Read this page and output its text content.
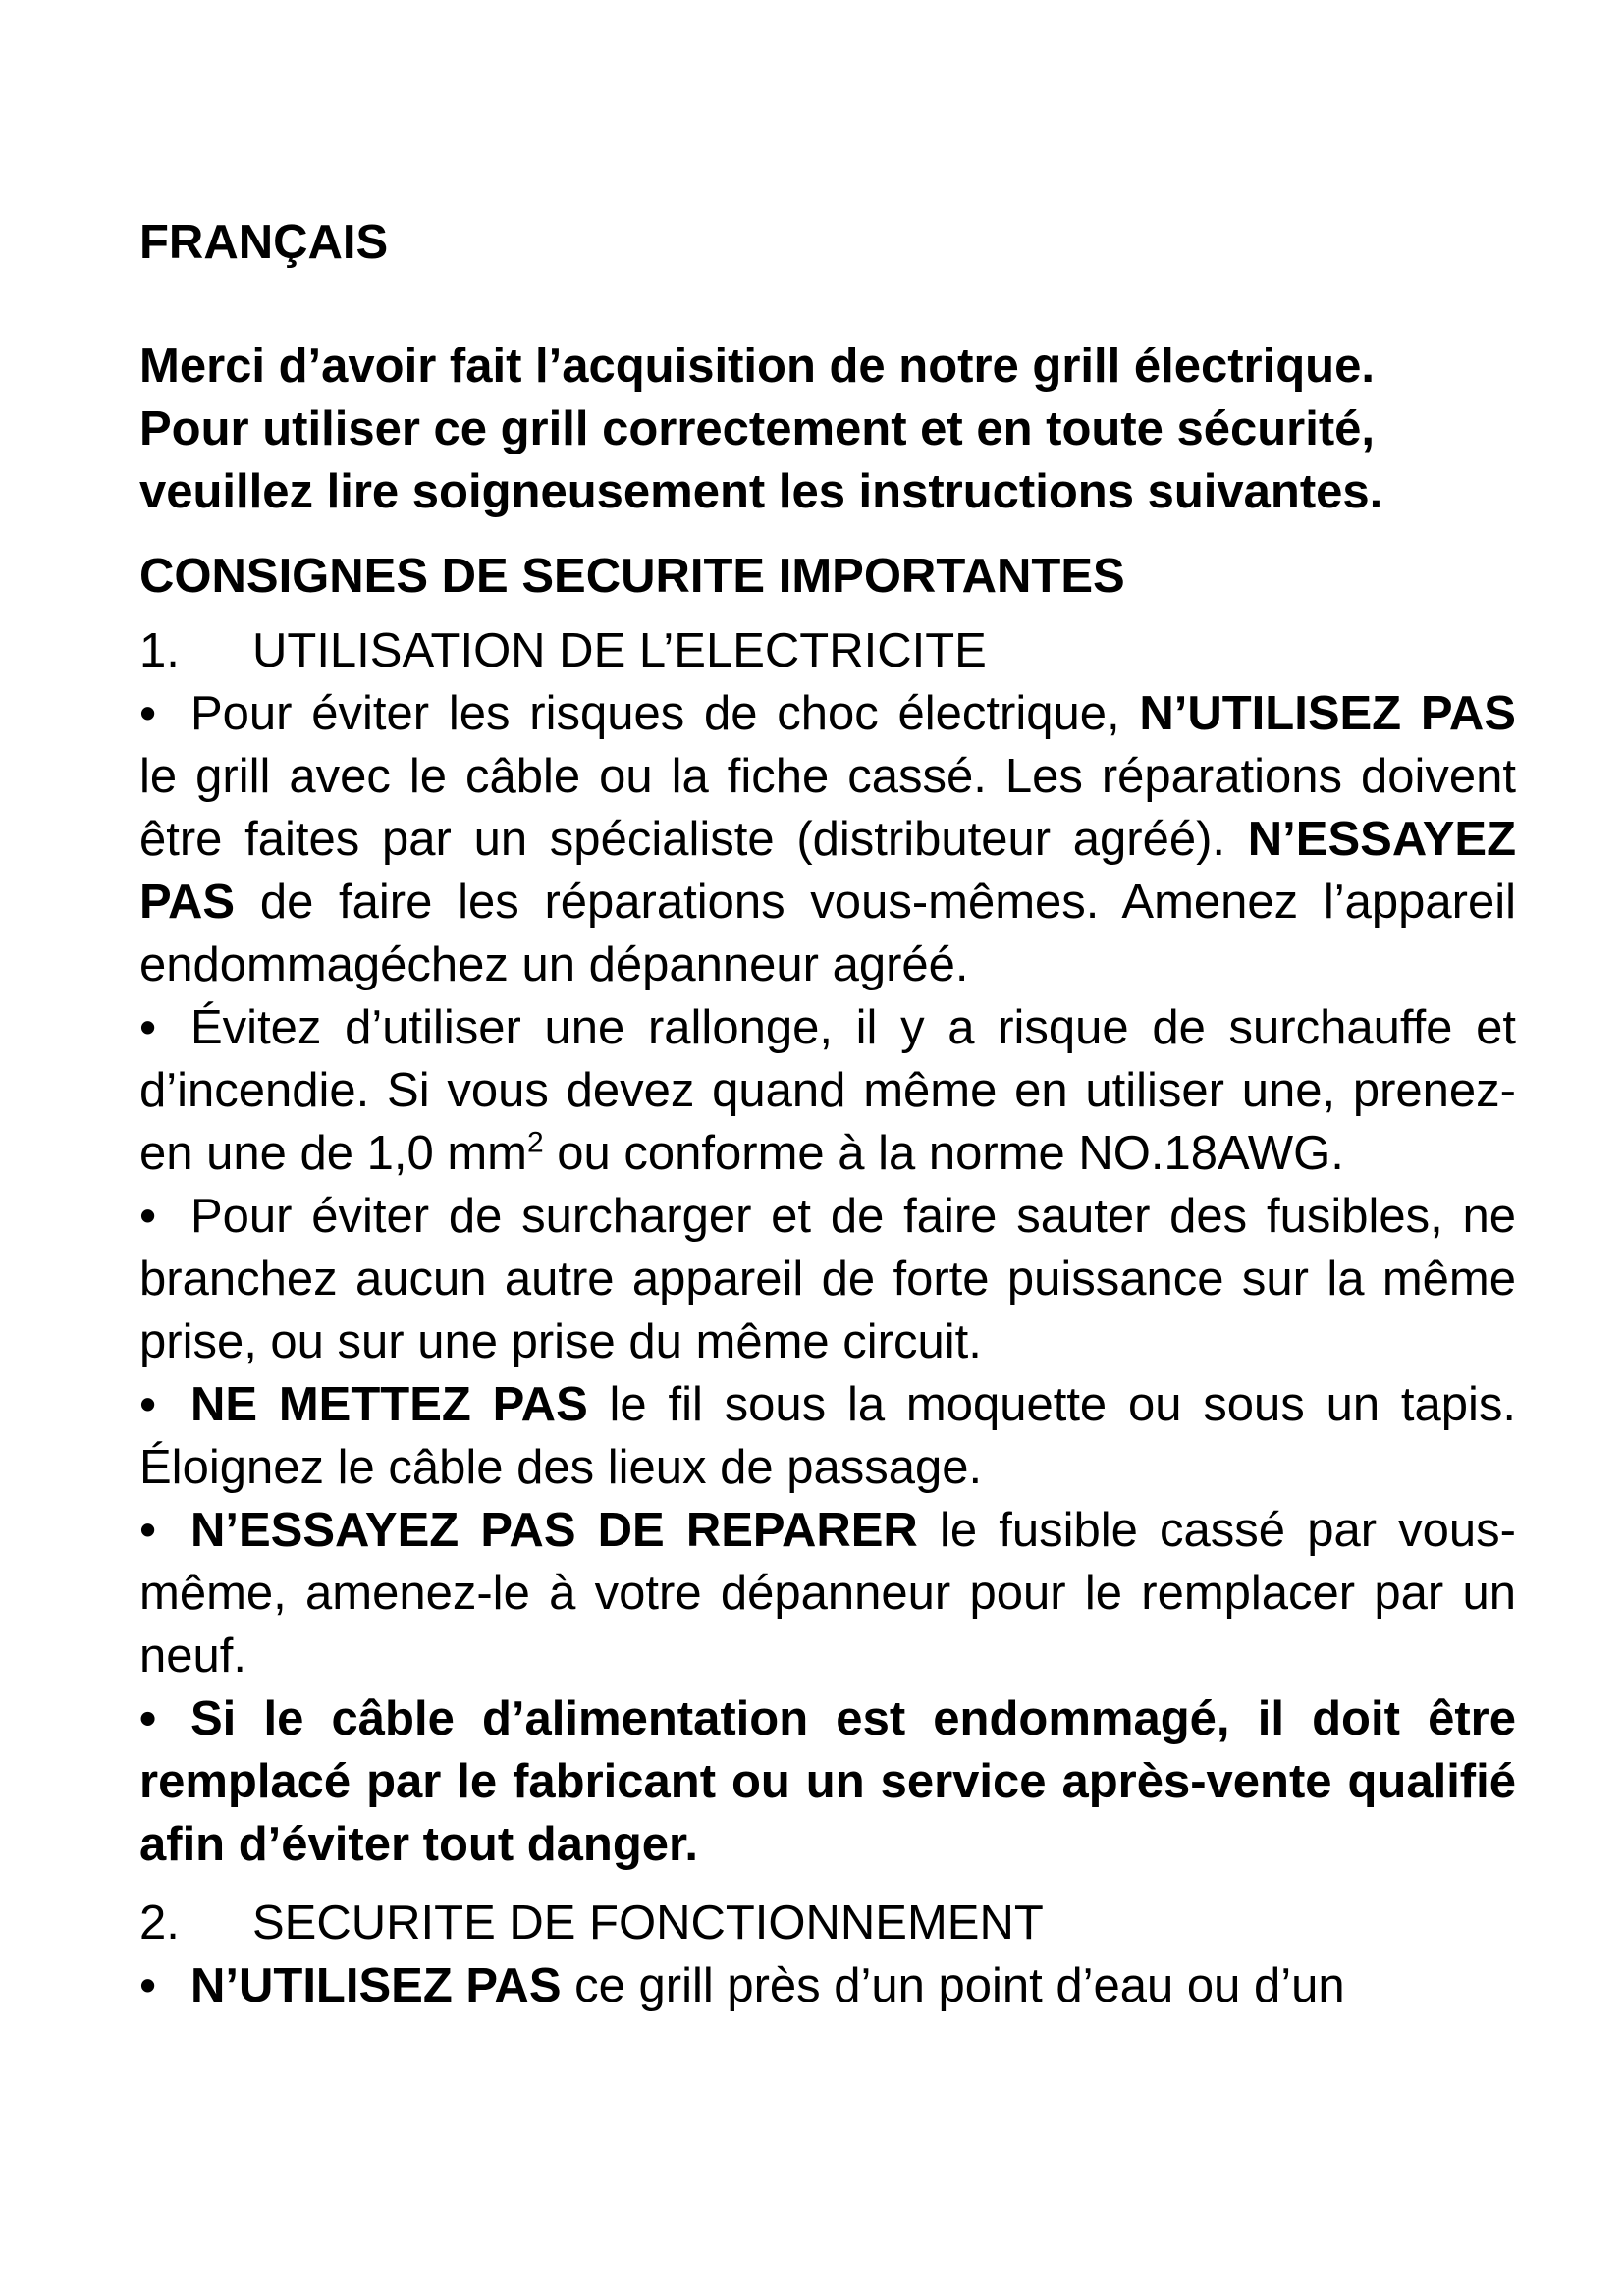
FRANÇAIS
Merci d’avoir fait l’acquisition de notre grill électrique.
Pour utiliser ce grill correctement et en toute sécurité,
veuillez lire soigneusement les instructions suivantes.
CONSIGNES DE SECURITE IMPORTANTES
1. UTILISATION DE L’ELECTRICITE

• Pour éviter les risques de choc électrique, N’UTILISEZ PAS le grill avec le câble ou la fiche cassé. Les réparations doivent être faites par un spécialiste (distributeur agréé). N’ESSAYEZ PAS de faire les réparations vous-mêmes. Amenez l’appareil endommagéchez un dépanneur agréé.

• Évitez d’utiliser une rallonge, il y a risque de surchauffe et d’incendie. Si vous devez quand même en utiliser une, prenez-en une de 1,0 $mm^2$ ou conforme à la norme NO.18AWG.

• Pour éviter de surcharger et de faire sauter des fusibles, ne branchez aucun autre appareil de forte puissance sur la même prise, ou sur une prise du même circuit.

• NE METTEZ PAS le fil sous la moquette ou sous un tapis. Éloignez le câble des lieux de passage.

• N’ESSAYEZ PAS DE REPARER le fusible cassé par vous-même, amenez-le à votre dépanneur pour le remplacer par un neuf.

• Si le câble d’alimentation est endommagé, il doit être remplacé par le fabricant ou un service après-vente qualifié afin d’éviter tout danger.

2. SECURITE DE FONCTIONNEMENT

• N’UTILISEZ PAS ce grill près d’un point d’eau ou d’un
